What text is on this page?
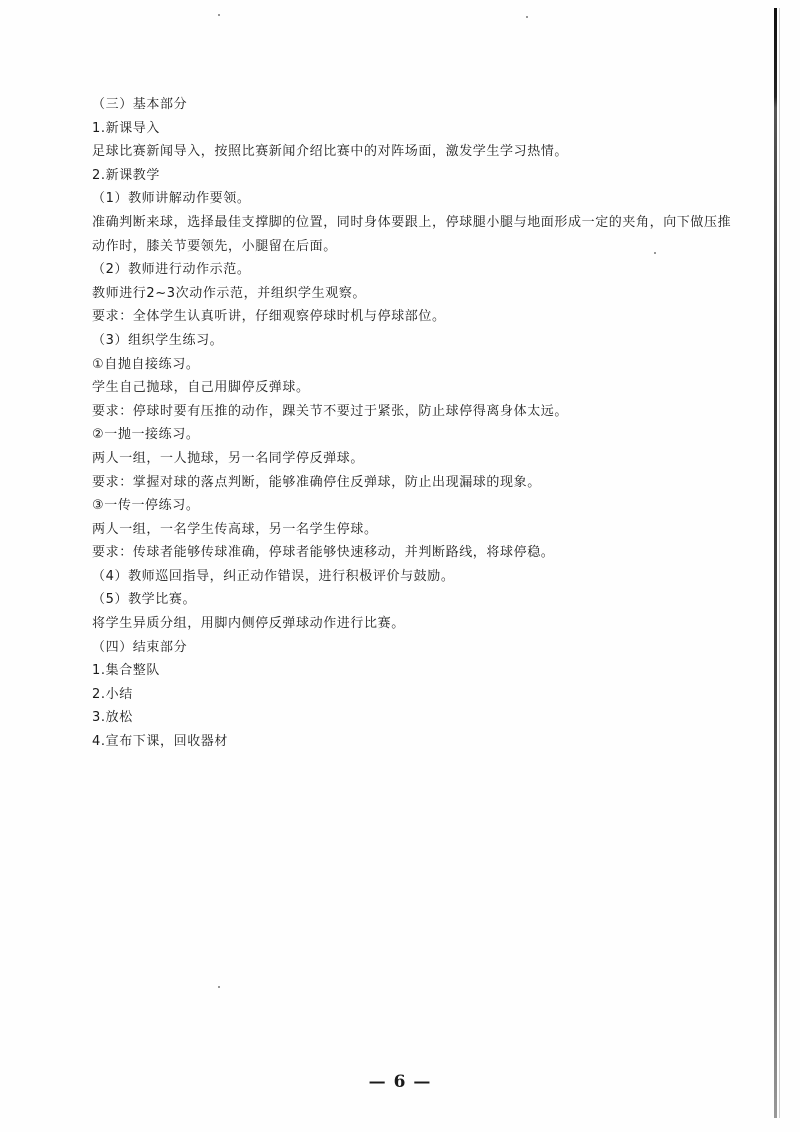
（三）基本部分
1.新课导入
足球比赛新闻导入，按照比赛新闻介绍比赛中的对阵场面，激发学生学习热情。
2.新课教学
（1）教师讲解动作要领。
准确判断来球，选择最佳支撑脚的位置，同时身体要跟上，停球腿小腿与地面形成一定的夹角，向下做压推动作时，膝关节要领先，小腿留在后面。
（2）教师进行动作示范。
教师进行2~3次动作示范，并组织学生观察。
要求：全体学生认真听讲，仔细观察停球时机与停球部位。
（3）组织学生练习。
①自抛自接练习。
学生自己抛球，自己用脚停反弹球。
要求：停球时要有压推的动作，踝关节不要过于紧张，防止球停得离身体太远。
②一抛一接练习。
两人一组，一人抛球，另一名同学停反弹球。
要求：掌握对球的落点判断，能够准确停住反弹球，防止出现漏球的现象。
③一传一停练习。
两人一组，一名学生传高球，另一名学生停球。
要求：传球者能够传球准确，停球者能够快速移动，并判断路线，将球停稳。
（4）教师巡回指导，纠正动作错误，进行积极评价与鼓励。
（5）教学比赛。
将学生异质分组，用脚内侧停反弹球动作进行比赛。
（四）结束部分
1.集合整队
2.小结
3.放松
4.宣布下课，回收器材
— 6 —
